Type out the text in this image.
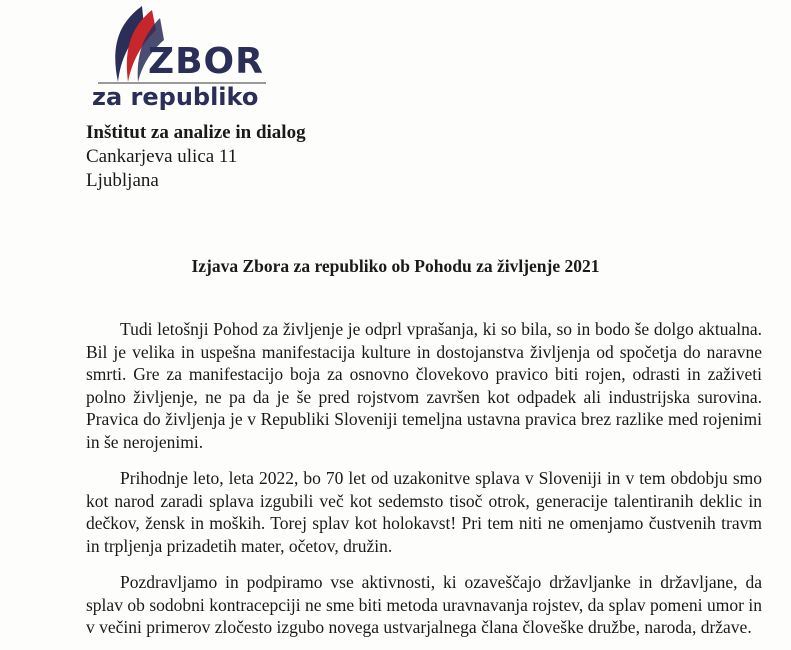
ZBOR
za republiko
Inštitut za analize in dialog
Cankarjeva ulica 11
Ljubljana
Izjava Zbora za republiko ob Pohodu za življenje 2021

Tudi letošnji Pohod za življenje je odprl vprašanja, ki so bila, so in bodo še dolgo aktualna. Bil je velika in uspešna manifestacija kulture in dostojanstva življenja od spočetja do naravne smrti. Gre za manifestacijo boja za osnovno človekovo pravico biti rojen, odrasti in zaživeti polno življenje, ne pa da je še pred rojstvom završen kot odpadek ali industrijska surovina. Pravica do življenja je v Republiki Sloveniji temeljna ustavna pravica brez razlike med rojenimi in še nerojenimi.

Prihodnje leto, leta 2022, bo 70 let od uzakonitve splava v Sloveniji in v tem obdobju smo kot narod zaradi splava izgubili več kot sedemsto tisoč otrok, generacije talentiranih deklic in dečkov, žensk in moških. Torej splav kot holokavst! Pri tem niti ne omenjamo čustvenih travm in trpljenja prizadetih mater, očetov, družin.

Pozdravljamo in podpiramo vse aktivnosti, ki ozaveščajo državljanke in državljane, da splav ob sodobni kontracepciji ne sme biti metoda uravnavanja rojstev, da splav pomeni umor in v večini primerov zločesto izgubo novega ustvarjalnega člana človeške družbe, naroda, države.
